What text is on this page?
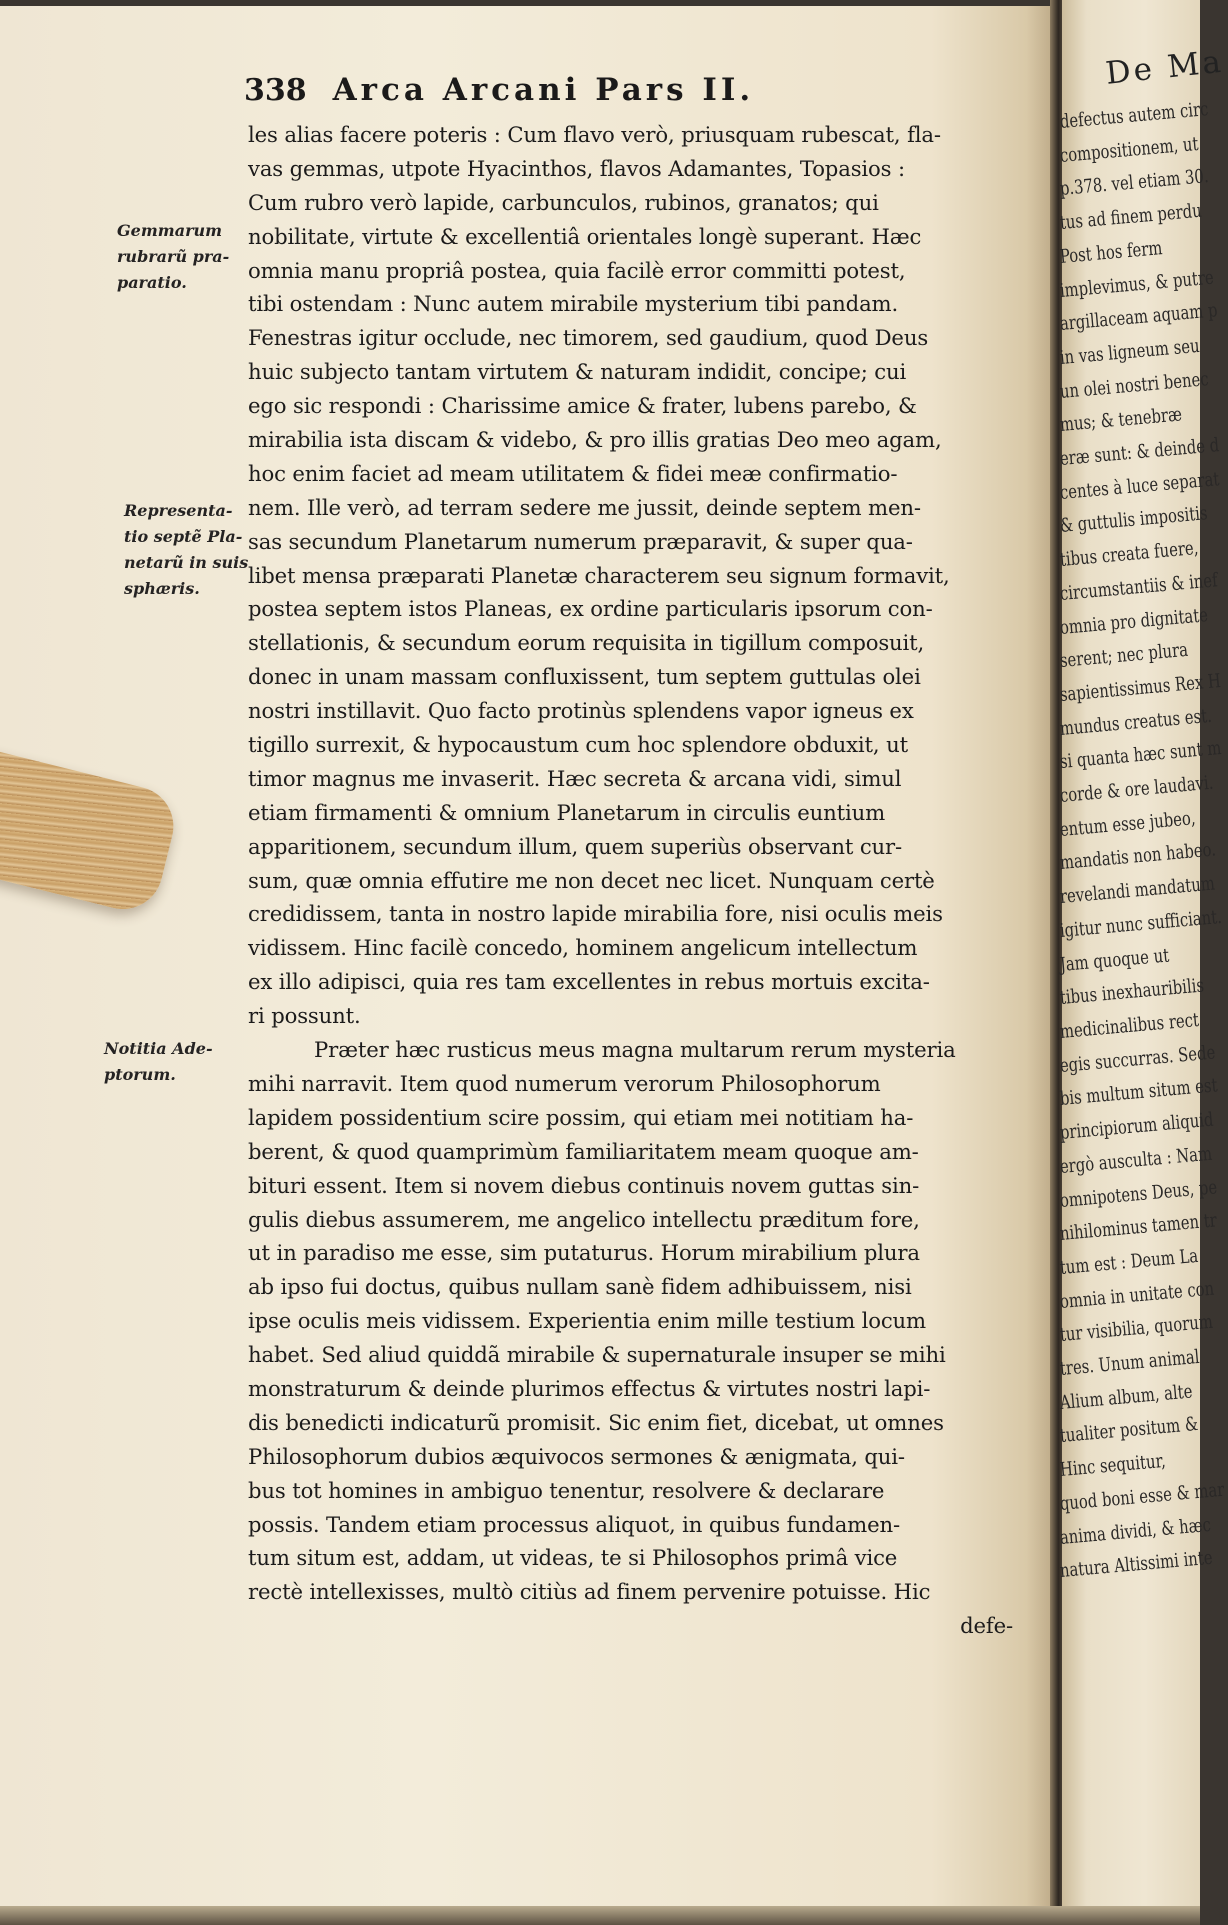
338 Arca Arcani Pars II.
les alias facere poteris : Cum flavo verò, priusquam rubescat, fla-
vas gemmas, utpote Hyacinthos, flavos Adamantes, Topasios :
Cum rubro verò lapide, carbunculos, rubinos, granatos; qui
nobilitate, virtute & excellentiâ orientales longè superant. Hæc
omnia manu propriâ postea, quia facilè error committi potest,
tibi ostendam : Nunc autem mirabile mysterium tibi pandam.
Fenestras igitur occlude, nec timorem, sed gaudium, quod Deus
huic subjecto tantam virtutem & naturam indidit, concipe; cui
ego sic respondi : Charissime amice & frater, lubens parebo, &
mirabilia ista discam & videbo, & pro illis gratias Deo meo agam,
hoc enim faciet ad meam utilitatem & fidei meæ confirmatio-
nem. Ille verò, ad terram sedere me jussit, deinde septem men-
sas secundum Planetarum numerum præparavit, & super qua-
libet mensa præparati Planetæ characterem seu signum formavit,
postea septem istos Planeas, ex ordine particularis ipsorum con-
stellationis, & secundum eorum requisita in tigillum composuit,
donec in unam massam confluxissent, tum septem guttulas olei
nostri instillavit. Quo facto protinùs splendens vapor igneus ex
tigillo surrexit, & hypocaustum cum hoc splendore obduxit, ut
timor magnus me invaserit. Hæc secreta & arcana vidi, simul
etiam firmamenti & omnium Planetarum in circulis euntium
apparitionem, secundum illum, quem superiùs observant cur-
sum, quæ omnia effutire me non decet nec licet. Nunquam certè
credidissem, tanta in nostro lapide mirabilia fore, nisi oculis meis
vidissem. Hinc facilè concedo, hominem angelicum intellectum
ex illo adipisci, quia res tam excellentes in rebus mortuis excita-
ri possunt.
Præter hæc rusticus meus magna multarum rerum mysteria
mihi narravit. Item quod numerum verorum Philosophorum
lapidem possidentium scire possim, qui etiam mei notitiam ha-
berent, & quod quamprimùm familiaritatem meam quoque am-
bituri essent. Item si novem diebus continuis novem guttas sin-
gulis diebus assumerem, me angelico intellectu præditum fore,
ut in paradiso me esse, sim putaturus. Horum mirabilium plura
ab ipso fui doctus, quibus nullam sanè fidem adhibuissem, nisi
ipse oculis meis vidissem. Experientia enim mille testium locum
habet. Sed aliud quiddã mirabile & supernaturale insuper se mihi
monstraturum & deinde plurimos effectus & virtutes nostri lapi-
dis benedicti indicaturũ promisit. Sic enim fiet, dicebat, ut omnes
Philosophorum dubios æquivocos sermones & ænigmata, qui-
bus tot homines in ambiguo tenentur, resolvere & declarare
possis. Tandem etiam processus aliquot, in quibus fundamen-
tum situm est, addam, ut videas, te si Philosophos primâ vice
rectè intellexisses, multò citiùs ad finem pervenire potuisse. Hic
defe-
Gemmarum
rubrarũ pra-
paratio.
Representa-
tio septẽ Pla-
netarũ in suis
sphæris.
Notitia Ade-
ptorum.
De Ma
defectus autem circ
compositionem, ut
p.378. vel etiam 30.
tus ad finem perdu
Post hos ferm
implevimus, & putre
argillaceam aquam p
in vas ligneum seu
un olei nostri benec
mus; & tenebræ
eræ sunt: & deinde d
centes à luce separat
& guttulis impositis
tibus creata fuere,
circumstantiis & inef
omnia pro dignitate
serent; nec plura
sapientissimus Rex H
mundus creatus est.
si quanta hæc sunt m
corde & ore laudavi.
entum esse jubeo,
mandatis non habeo.
revelandi mandatum
igitur nunc sufficiant.
Jam quoque ut
tibus inexhauribilis
medicinalibus rect
egis succurras. Sede
bis multum situm est
principiorum aliquid
ergò ausculta : Nam
omnipotens Deus, pe
nihilominus tamen tr
tum est : Deum La
omnia in unitate con
tur visibilia, quorum
tres. Unum animal
Alium album, alte
tualiter positum &
Hinc sequitur,
quod boni esse & mar
anima dividi, & hæc
natura Altissimi inte
